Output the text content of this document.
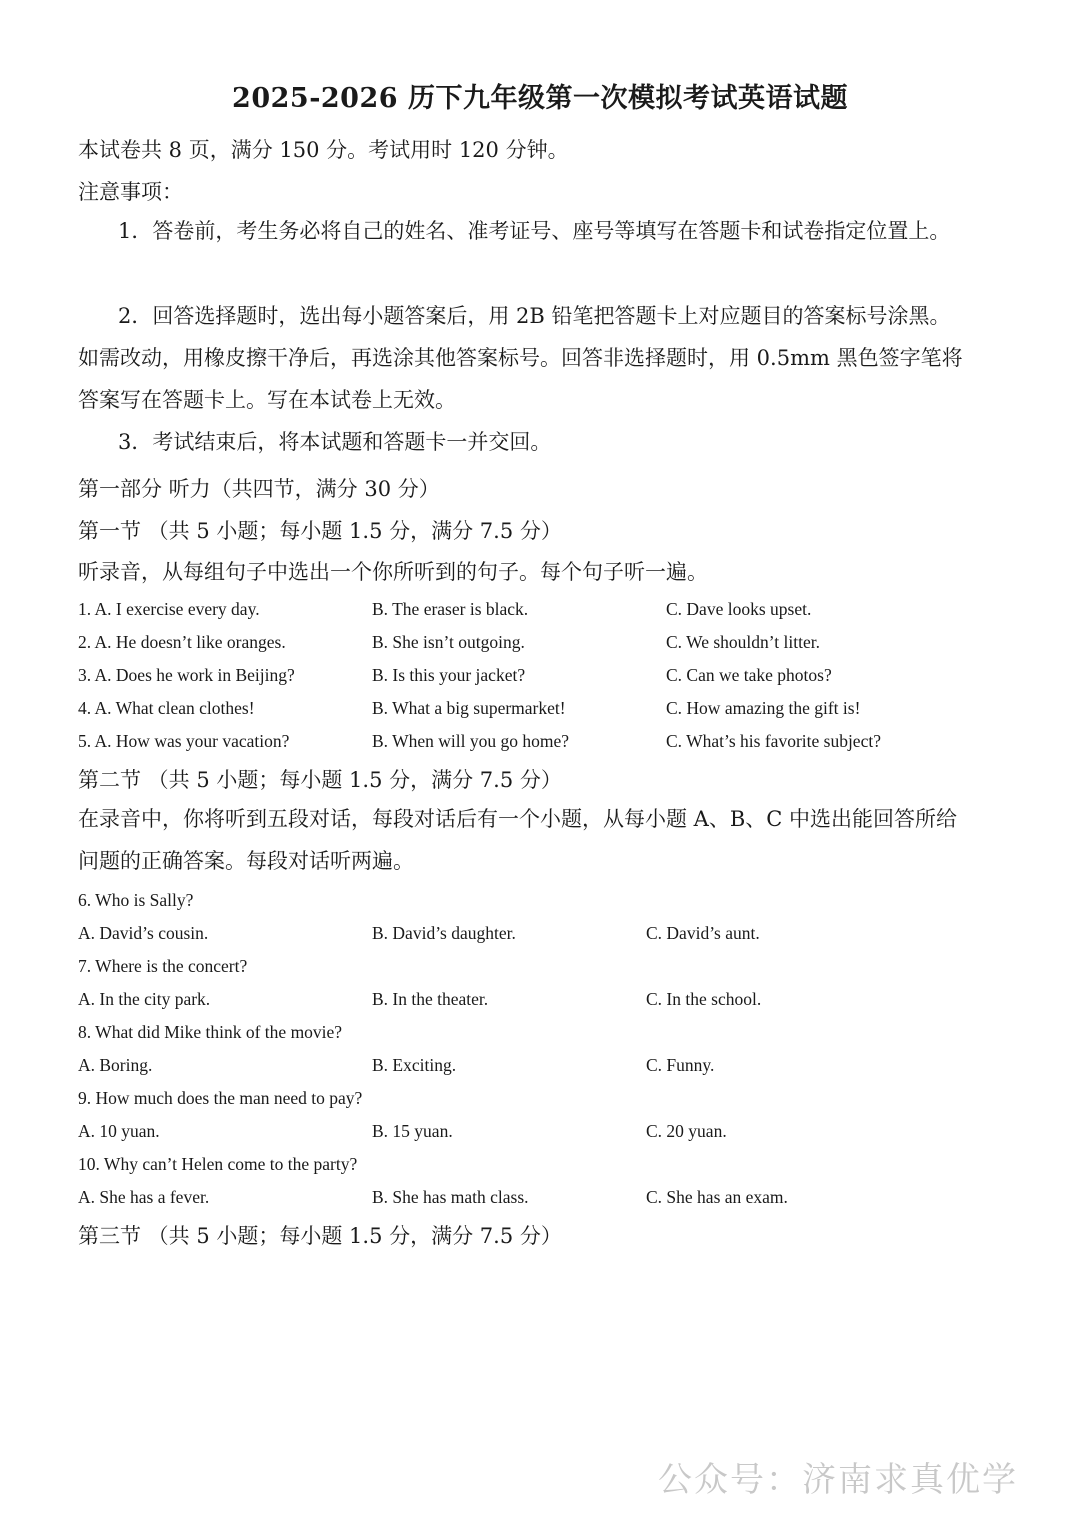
2025-2026 历下九年级第一次模拟考试英语试题
本试卷共 8 页，满分 150 分。考试用时 120 分钟。
注意事项：
1．答卷前，考生务必将自己的姓名、准考证号、座号等填写在答题卡和试卷指定位置上。
2．回答选择题时，选出每小题答案后，用 2B 铅笔把答题卡上对应题目的答案标号涂黑。如需改动，用橡皮擦干净后，再选涂其他答案标号。回答非选择题时，用 0.5mm 黑色签字笔将答案写在答题卡上。写在本试卷上无效。
3．考试结束后，将本试题和答题卡一并交回。
第一部分 听力（共四节，满分 30 分）
第一节 （共 5 小题；每小题 1.5 分，满分 7.5 分）
听录音，从每组句子中选出一个你所听到的句子。每个句子听一遍。
1. A. I exercise every day.	B. The eraser is black.	C. Dave looks upset.
2. A. He doesn’t like oranges.	B. She isn’t outgoing.	C. We shouldn’t litter.
3. A. Does he work in Beijing?	B. Is this your jacket?	C. Can we take photos?
4. A. What clean clothes!	B. What a big supermarket!	C. How amazing the gift is!
5. A. How was your vacation?	B. When will you go home?	C. What’s his favorite subject?
第二节 （共 5 小题；每小题 1.5 分，满分 7.5 分）
在录音中，你将听到五段对话，每段对话后有一个小题，从每小题 A、B、C 中选出能回答所给问题的正确答案。每段对话听两遍。
6. Who is Sally?
A. David’s cousin.	B. David’s daughter.	C. David’s aunt.
7. Where is the concert?
A. In the city park.	B. In the theater.	C. In the school.
8. What did Mike think of the movie?
A. Boring.	B. Exciting.	C. Funny.
9. How much does the man need to pay?
A. 10 yuan.	B. 15 yuan.	C. 20 yuan.
10. Why can’t Helen come to the party?
A. She has a fever.	B. She has math class.	C. She has an exam.
第三节 （共 5 小题；每小题 1.5 分，满分 7.5 分）
公众号：济南求真优学
